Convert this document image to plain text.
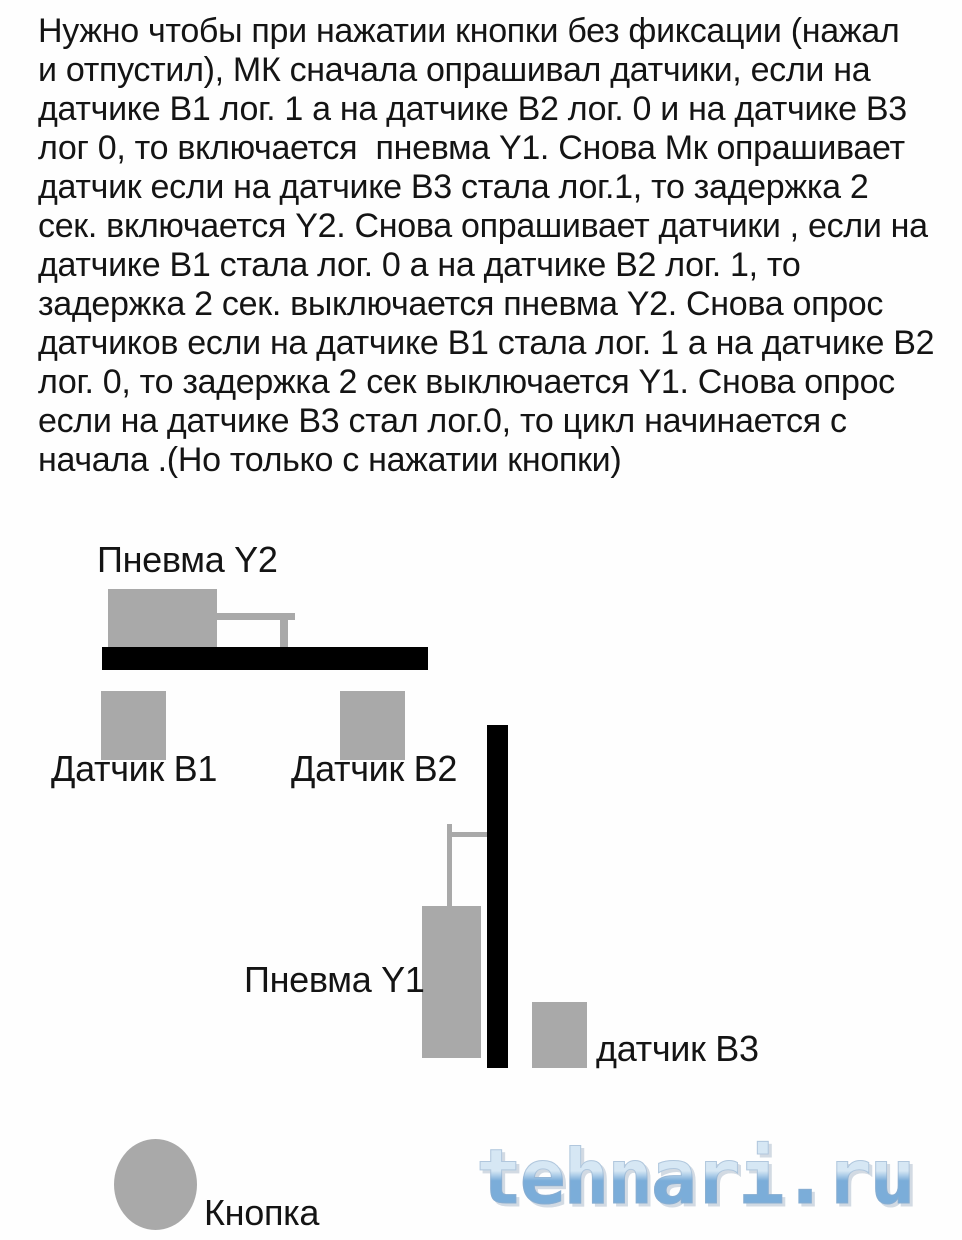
Нужно чтобы при нажатии кнопки без фиксации (нажал
и отпустил), МК сначала опрашивал датчики, если на
датчике В1 лог. 1 а на датчике В2 лог. 0 и на датчике В3
лог 0, то включается  пневма Y1. Снова Мк опрашивает
датчик если на датчике В3 стала лог.1, то задержка 2
сек. включается Y2. Снова опрашивает датчики , если на
датчике В1 стала лог. 0 а на датчике В2 лог. 1, то
задержка 2 сек. выключается пневма Y2. Снова опрос
датчиков если на датчике В1 стала лог. 1 а на датчике В2
лог. 0, то задержка 2 сек выключается Y1. Снова опрос
если на датчике В3 стал лог.0, то цикл начинается с
начала .(Но только с нажатии кнопки)
Пневма Y2
Датчик В1 Датчик В2
Пневма Y1
датчик В3
Кнопка tehnari.ru
